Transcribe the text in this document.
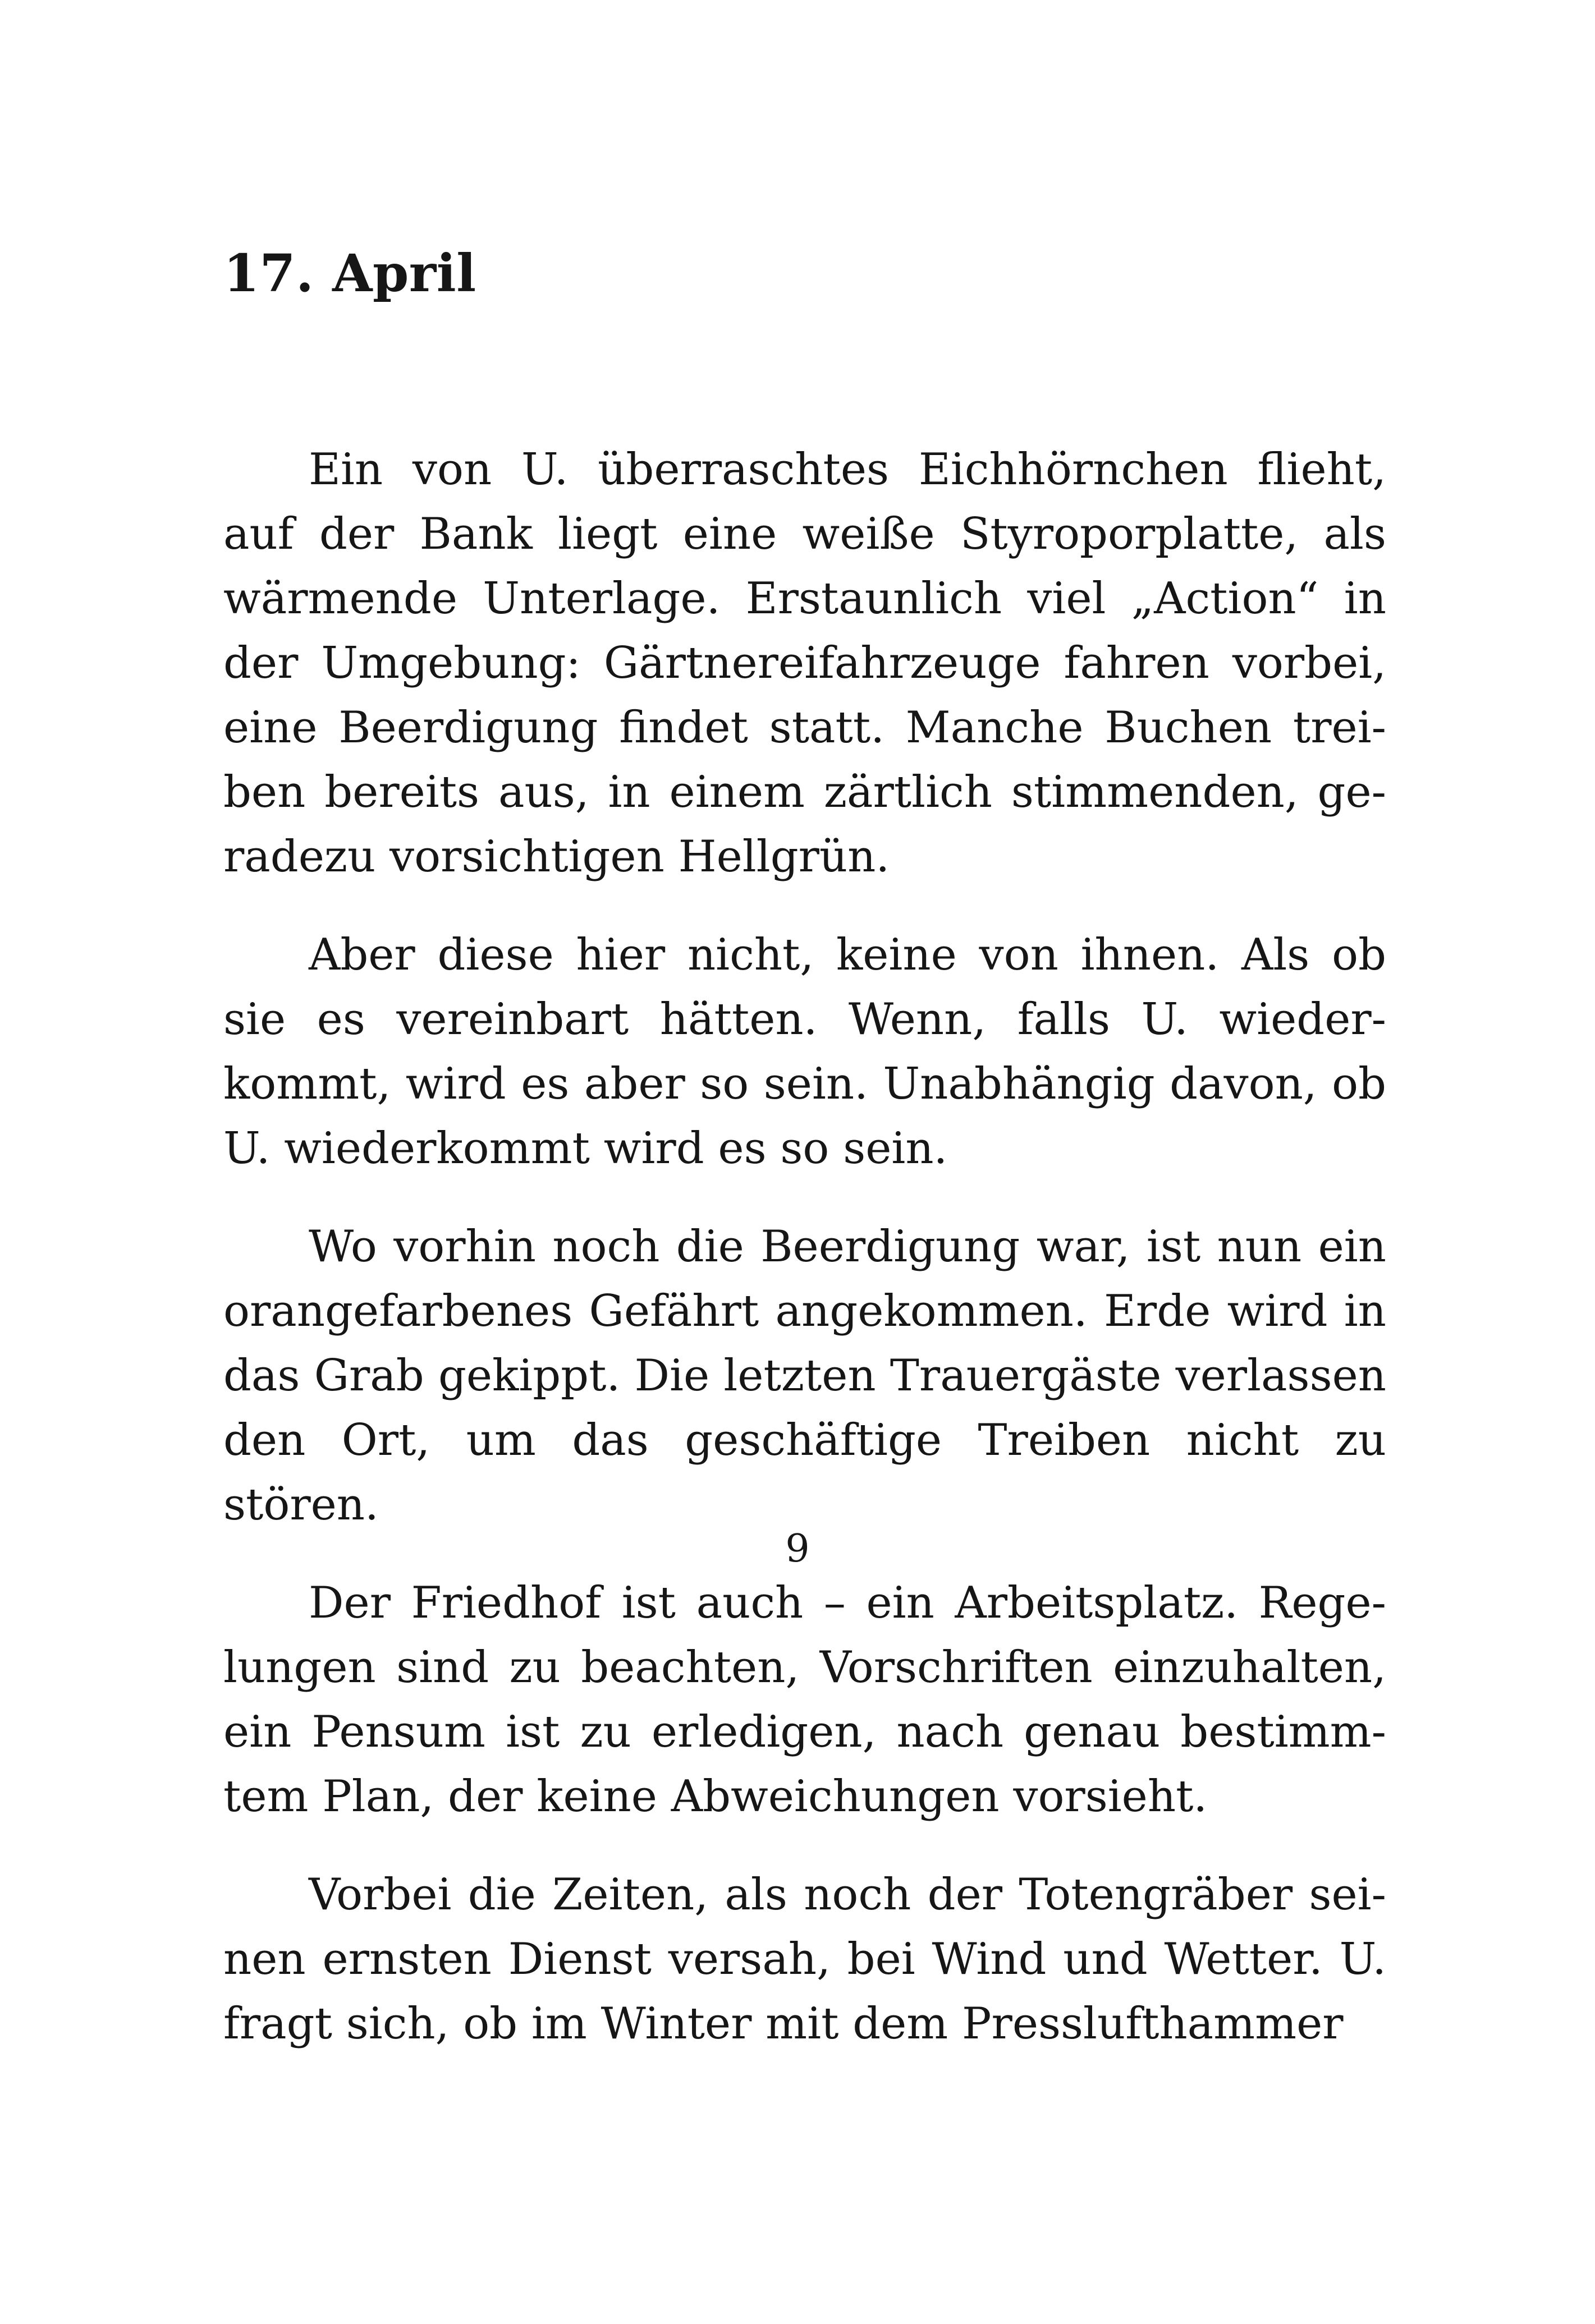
17. April

Ein von U. überraschtes Eichhörnchen flieht, auf der Bank liegt eine weiße Styroporplatte, als wärmende Unterlage. Erstaunlich viel „Action“ in der Umgebung: Gärtnereifahrzeuge fahren vorbei, eine Beerdigung findet statt. Manche Buchen treiben bereits aus, in einem zärtlich stimmenden, geradezu vorsichtigen Hellgrün.

Aber diese hier nicht, keine von ihnen. Als ob sie es vereinbart hätten. Wenn, falls U. wiederkommt, wird es aber so sein. Unabhängig davon, ob U. wiederkommt wird es so sein.

Wo vorhin noch die Beerdigung war, ist nun ein orangefarbenes Gefährt angekommen. Erde wird in das Grab gekippt. Die letzten Trauergäste verlassen den Ort, um das geschäftige Treiben nicht zu stören.

Der Friedhof ist auch – ein Arbeitsplatz. Regelungen sind zu beachten, Vorschriften einzuhalten, ein Pensum ist zu erledigen, nach genau bestimmtem Plan, der keine Abweichungen vorsieht.

Vorbei die Zeiten, als noch der Totengräber seinen ernsten Dienst versah, bei Wind und Wetter. U. fragt sich, ob im Winter mit dem Presslufthammer

9
